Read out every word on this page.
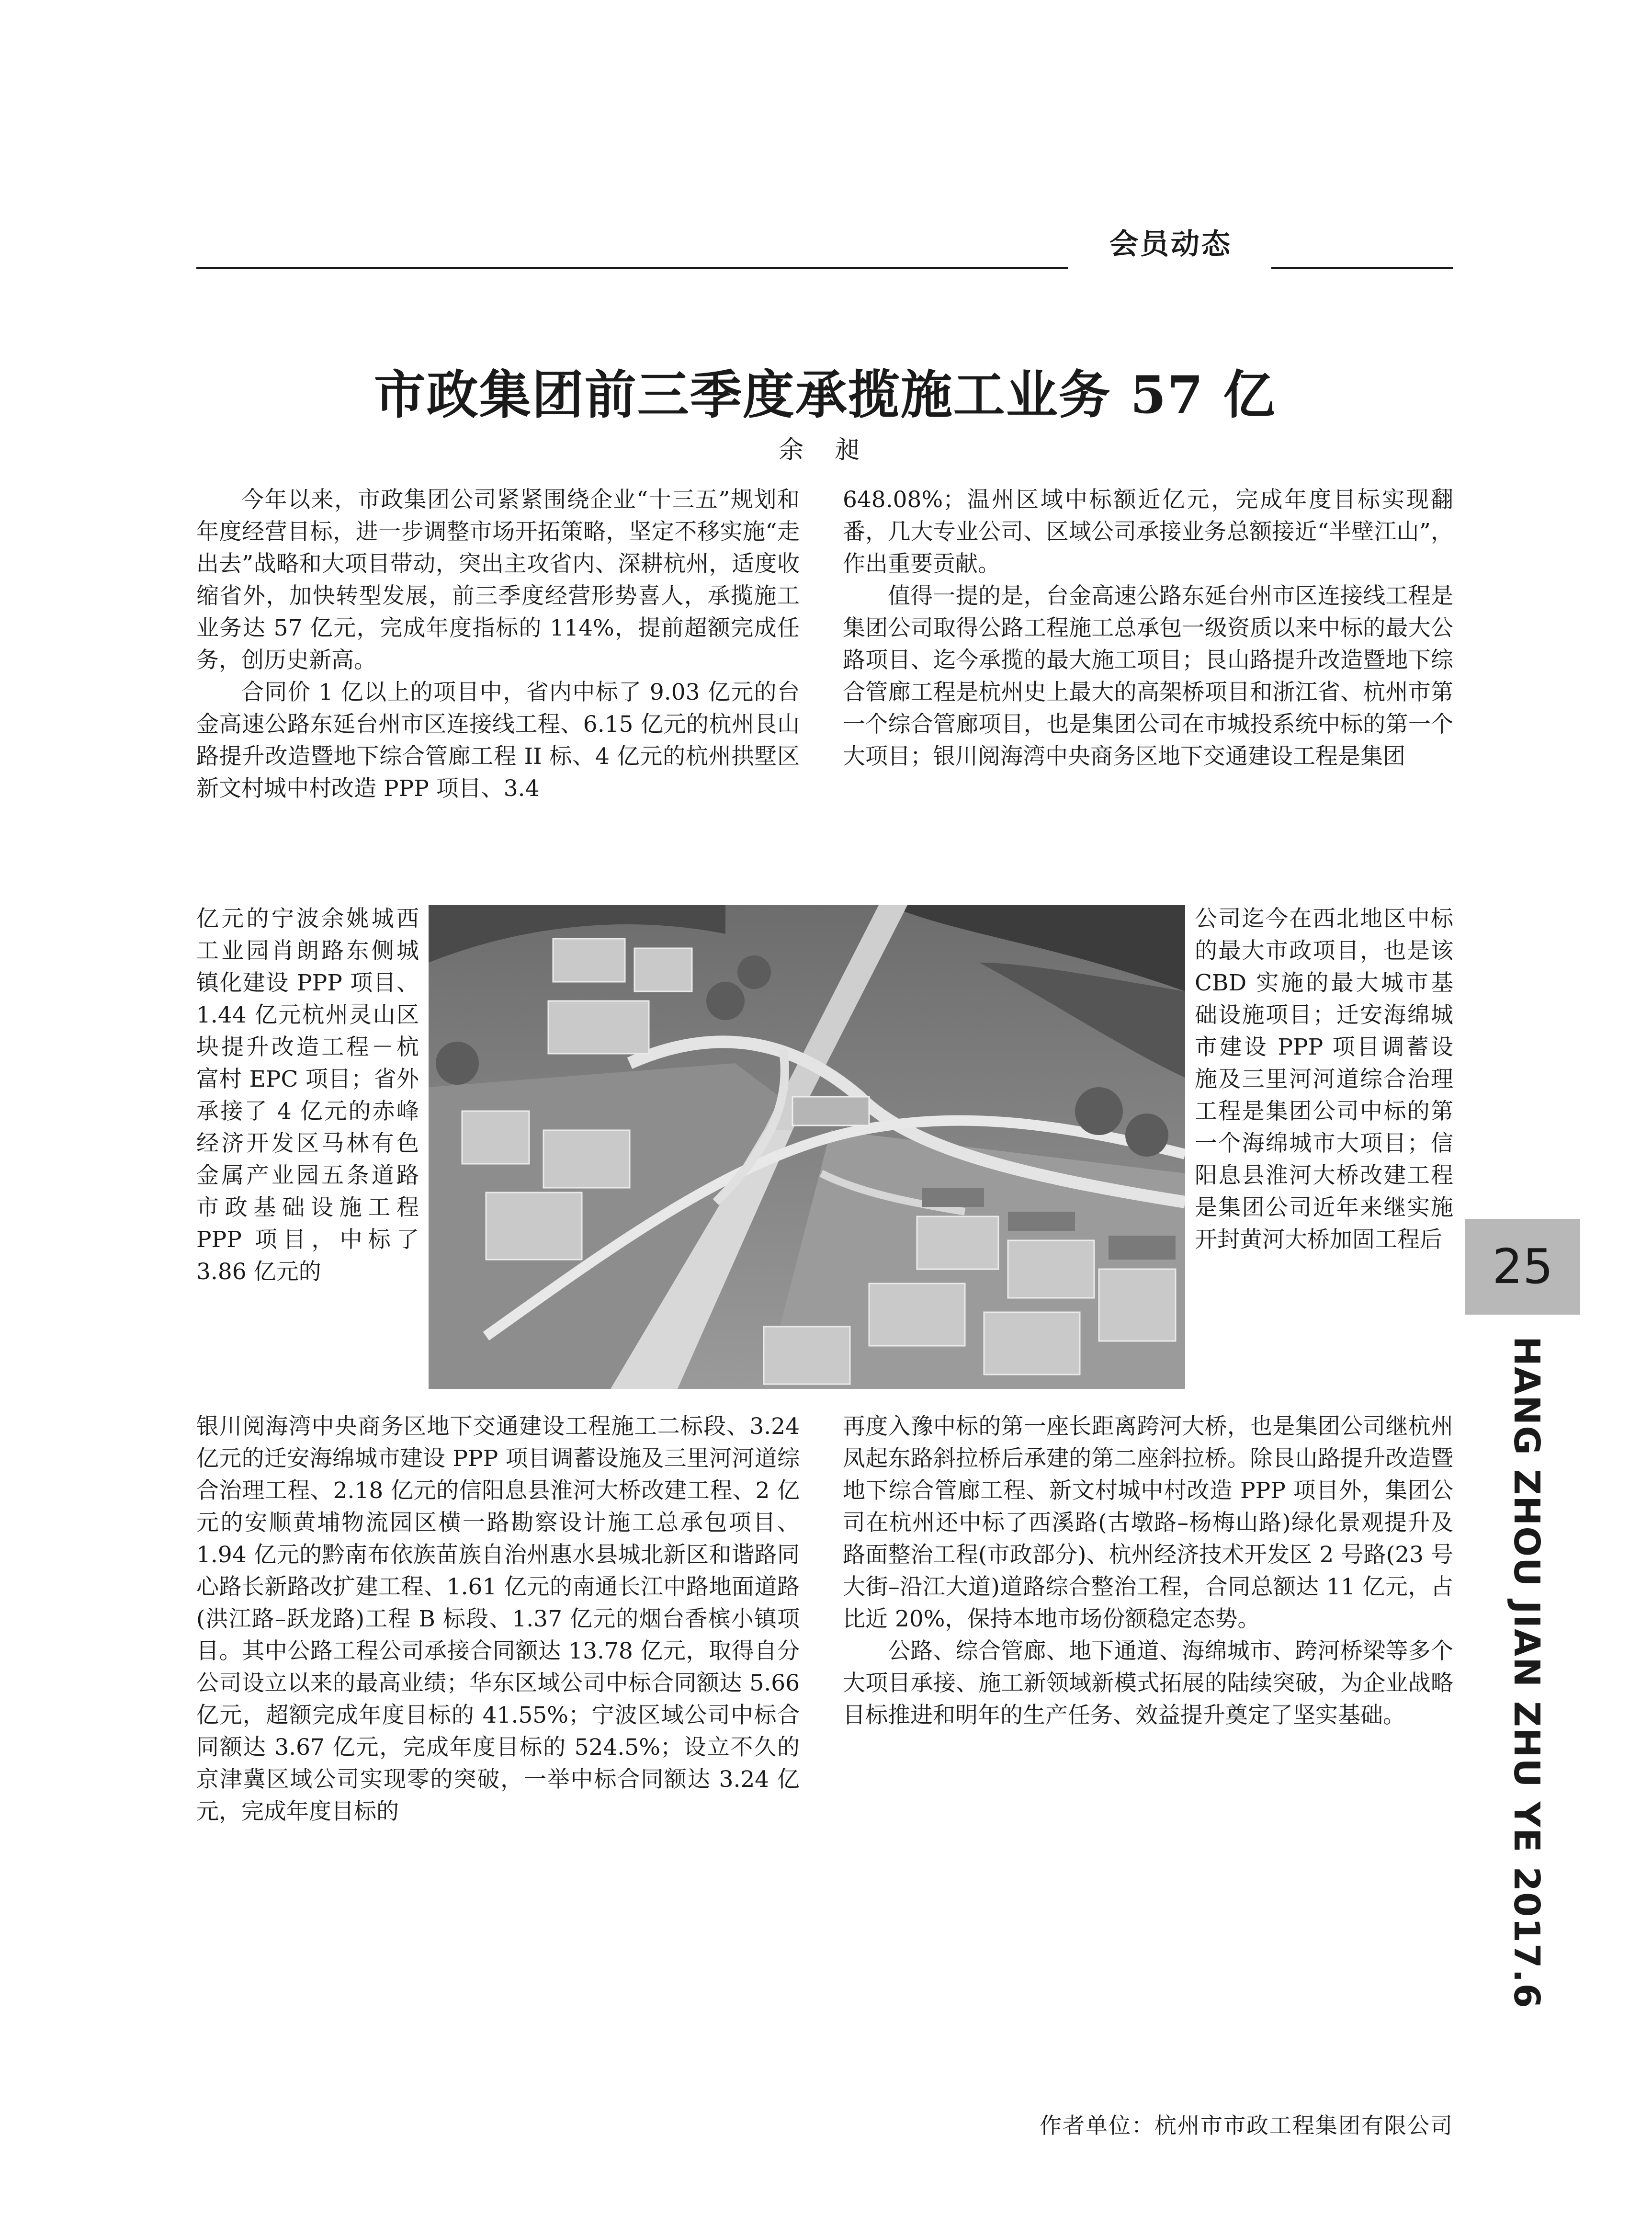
会员动态
市政集团前三季度承揽施工业务 57 亿
余 昶

今年以来，市政集团公司紧紧围绕企业“十三五”规划和年度经营目标，进一步调整市场开拓策略，坚定不移实施“走出去”战略和大项目带动，突出主攻省内、深耕杭州，适度收缩省外，加快转型发展，前三季度经营形势喜人，承揽施工业务达 57 亿元，完成年度指标的 114%，提前超额完成任务，创历史新高。

合同价 1 亿以上的项目中，省内中标了 9.03 亿元的台金高速公路东延台州市区连接线工程、6.15 亿元的杭州艮山路提升改造暨地下综合管廊工程 II 标、4 亿元的杭州拱墅区新文村城中村改造 PPP 项目、3.4

亿元的宁波余姚城西工业园肖朗路东侧城镇化建设 PPP 项目、1.44 亿元杭州灵山区块提升改造工程－杭富村 EPC 项目；省外承接了 4 亿元的赤峰经济开发区马林有色金属产业园五条道路市政基础设施工程 PPP 项目，中标了 3.86 亿元的

银川阅海湾中央商务区地下交通建设工程施工二标段、3.24 亿元的迁安海绵城市建设 PPP 项目调蓄设施及三里河河道综合治理工程、2.18 亿元的信阳息县淮河大桥改建工程、2 亿元的安顺黄埔物流园区横一路勘察设计施工总承包项目、1.94 亿元的黔南布依族苗族自治州惠水县城北新区和谐路同心路长新路改扩建工程、1.61 亿元的南通长江中路地面道路(洪江路–跃龙路)工程 B 标段、1.37 亿元的烟台香槟小镇项目。其中公路工程公司承接合同额达 13.78 亿元，取得自分公司设立以来的最高业绩；华东区域公司中标合同额达 5.66 亿元，超额完成年度目标的 41.55%；宁波区域公司中标合同额达 3.67 亿元，完成年度目标的 524.5%；设立不久的京津冀区域公司实现零的突破，一举中标合同额达 3.24 亿元，完成年度目标的

648.08%；温州区域中标额近亿元，完成年度目标实现翻番，几大专业公司、区域公司承接业务总额接近“半壁江山”，作出重要贡献。

值得一提的是，台金高速公路东延台州市区连接线工程是集团公司取得公路工程施工总承包一级资质以来中标的最大公路项目、迄今承揽的最大施工项目；艮山路提升改造暨地下综合管廊工程是杭州史上最大的高架桥项目和浙江省、杭州市第一个综合管廊项目，也是集团公司在市城投系统中标的第一个大项目；银川阅海湾中央商务区地下交通建设工程是集团

公司迄今在西北地区中标的最大市政项目，也是该 CBD 实施的最大城市基础设施项目；迁安海绵城市建设 PPP 项目调蓄设施及三里河河道综合治理工程是集团公司中标的第一个海绵城市大项目；信阳息县淮河大桥改建工程是集团公司近年来继实施开封黄河大桥加固工程后

再度入豫中标的第一座长距离跨河大桥，也是集团公司继杭州凤起东路斜拉桥后承建的第二座斜拉桥。除艮山路提升改造暨地下综合管廊工程、新文村城中村改造 PPP 项目外，集团公司在杭州还中标了西溪路(古墩路–杨梅山路)绿化景观提升及路面整治工程(市政部分)、杭州经济技术开发区 2 号路(23 号大街–沿江大道)道路综合整治工程，合同总额达 11 亿元，占比近 20%，保持本地市场份额稳定态势。

公路、综合管廊、地下通道、海绵城市、跨河桥梁等多个大项目承接、施工新领域新模式拓展的陆续突破，为企业战略目标推进和明年的生产任务、效益提升奠定了坚实基础。

作者单位：杭州市市政工程集团有限公司
25
HANG ZHOU JIAN ZHU YE 2017.6
